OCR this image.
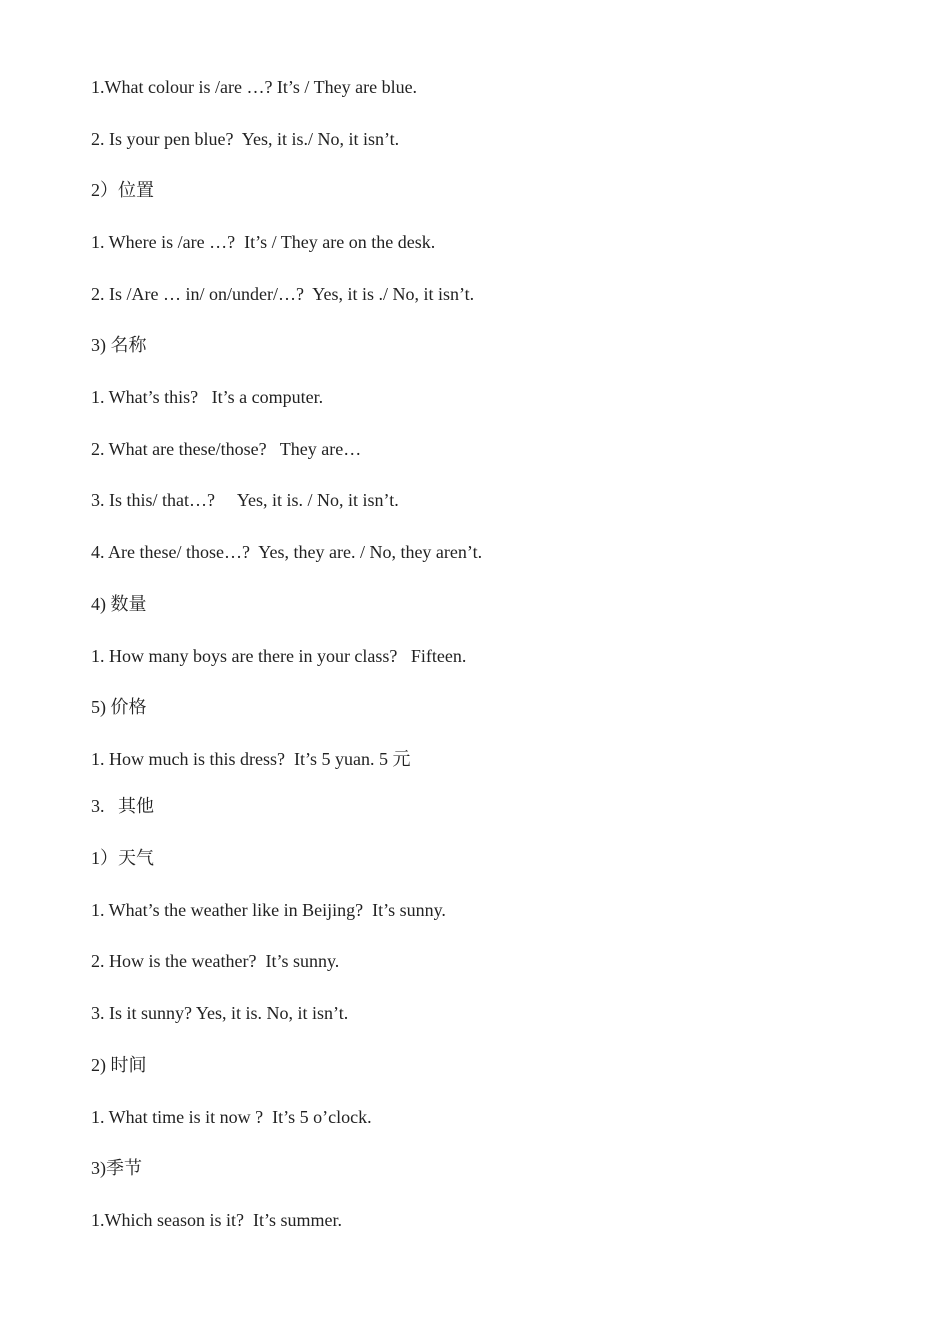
1.What colour is /are …? It’s / They are blue.
2. Is your pen blue?  Yes, it is./ No, it isn’t.
2）位置
1. Where is /are …?  It’s / They are on the desk.
2. Is /Are … in/ on/under/…?  Yes, it is ./ No, it isn’t.
3) 名称
1. What’s this?   It’s a computer.
2. What are these/those?   They are…
3. Is this/ that…?     Yes, it is. / No, it isn’t.
4. Are these/ those…?  Yes, they are. / No, they aren’t.
4) 数量
1. How many boys are there in your class?   Fifteen.
5) 价格
1. How much is this dress?  It’s 5 yuan. 5 元
3.   其他
1）天气
1. What’s the weather like in Beijing?  It’s sunny.
2. How is the weather?  It’s sunny.
3. Is it sunny? Yes, it is. No, it isn’t.
2) 时间
1. What time is it now ?  It’s 5 o’clock.
3)季节
1.Which season is it?  It’s summer.
